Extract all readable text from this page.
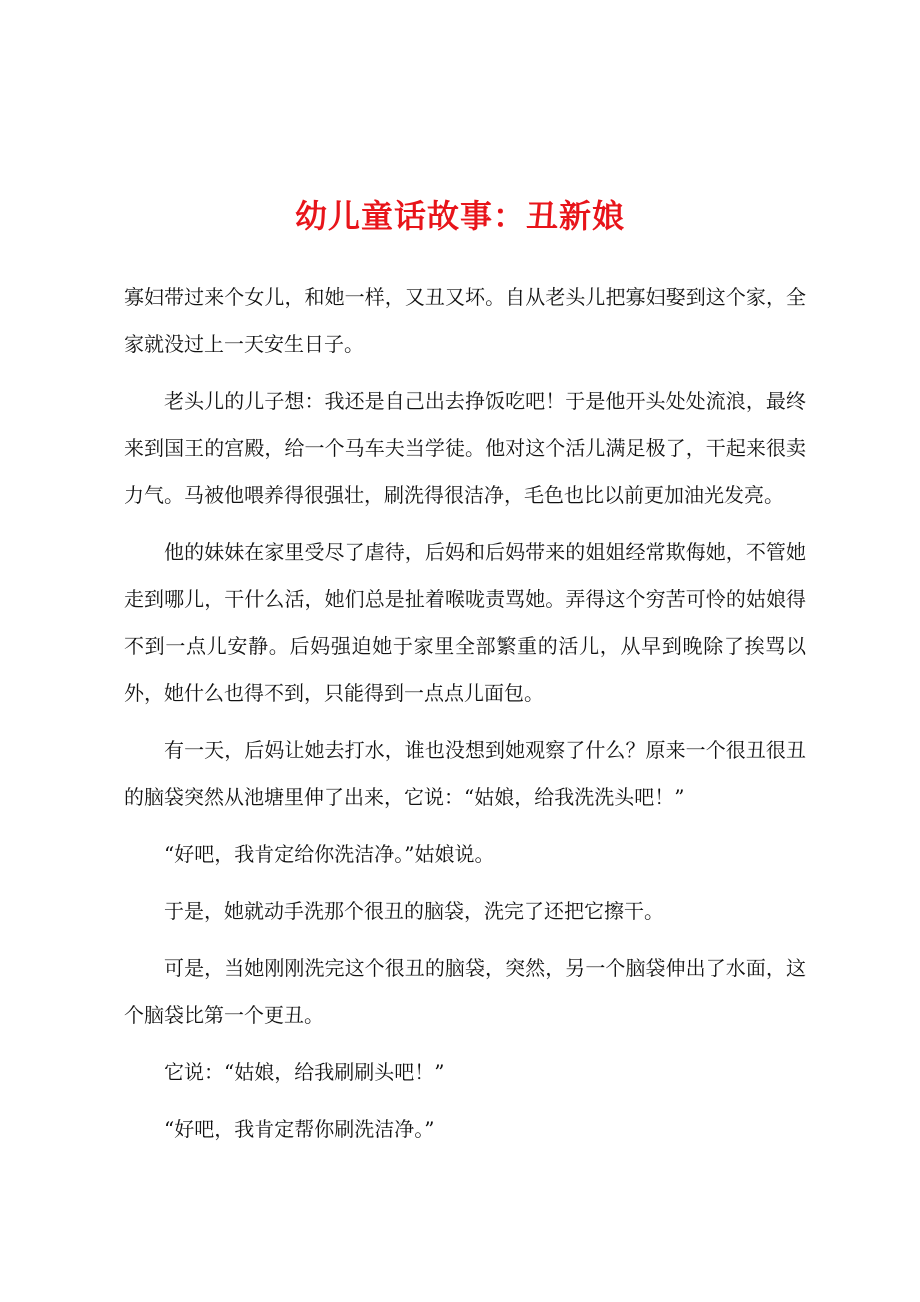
幼儿童话故事：丑新娘

寡妇带过来个女儿，和她一样，又丑又坏。自从老头儿把寡妇娶到这个家，全家就没过上一天安生日子。

老头儿的儿子想：我还是自己出去挣饭吃吧！于是他开头处处流浪，最终来到国王的宫殿，给一个马车夫当学徒。他对这个活儿满足极了，干起来很卖力气。马被他喂养得很强壮，刷洗得很洁净，毛色也比以前更加油光发亮。

他的妹妹在家里受尽了虐待，后妈和后妈带来的姐姐经常欺侮她，不管她走到哪儿，干什么活，她们总是扯着喉咙责骂她。弄得这个穷苦可怜的姑娘得不到一点儿安静。后妈强迫她于家里全部繁重的活儿，从早到晚除了挨骂以外，她什么也得不到，只能得到一点点儿面包。

有一天，后妈让她去打水，谁也没想到她观察了什么？原来一个很丑很丑的脑袋突然从池塘里伸了出来，它说：“姑娘，给我洗洗头吧！”

“好吧，我肯定给你洗洁净。”姑娘说。

于是，她就动手洗那个很丑的脑袋，洗完了还把它擦干。

可是，当她刚刚洗完这个很丑的脑袋，突然，另一个脑袋伸出了水面，这个脑袋比第一个更丑。

它说：“姑娘，给我刷刷头吧！”

“好吧，我肯定帮你刷洗洁净。”
